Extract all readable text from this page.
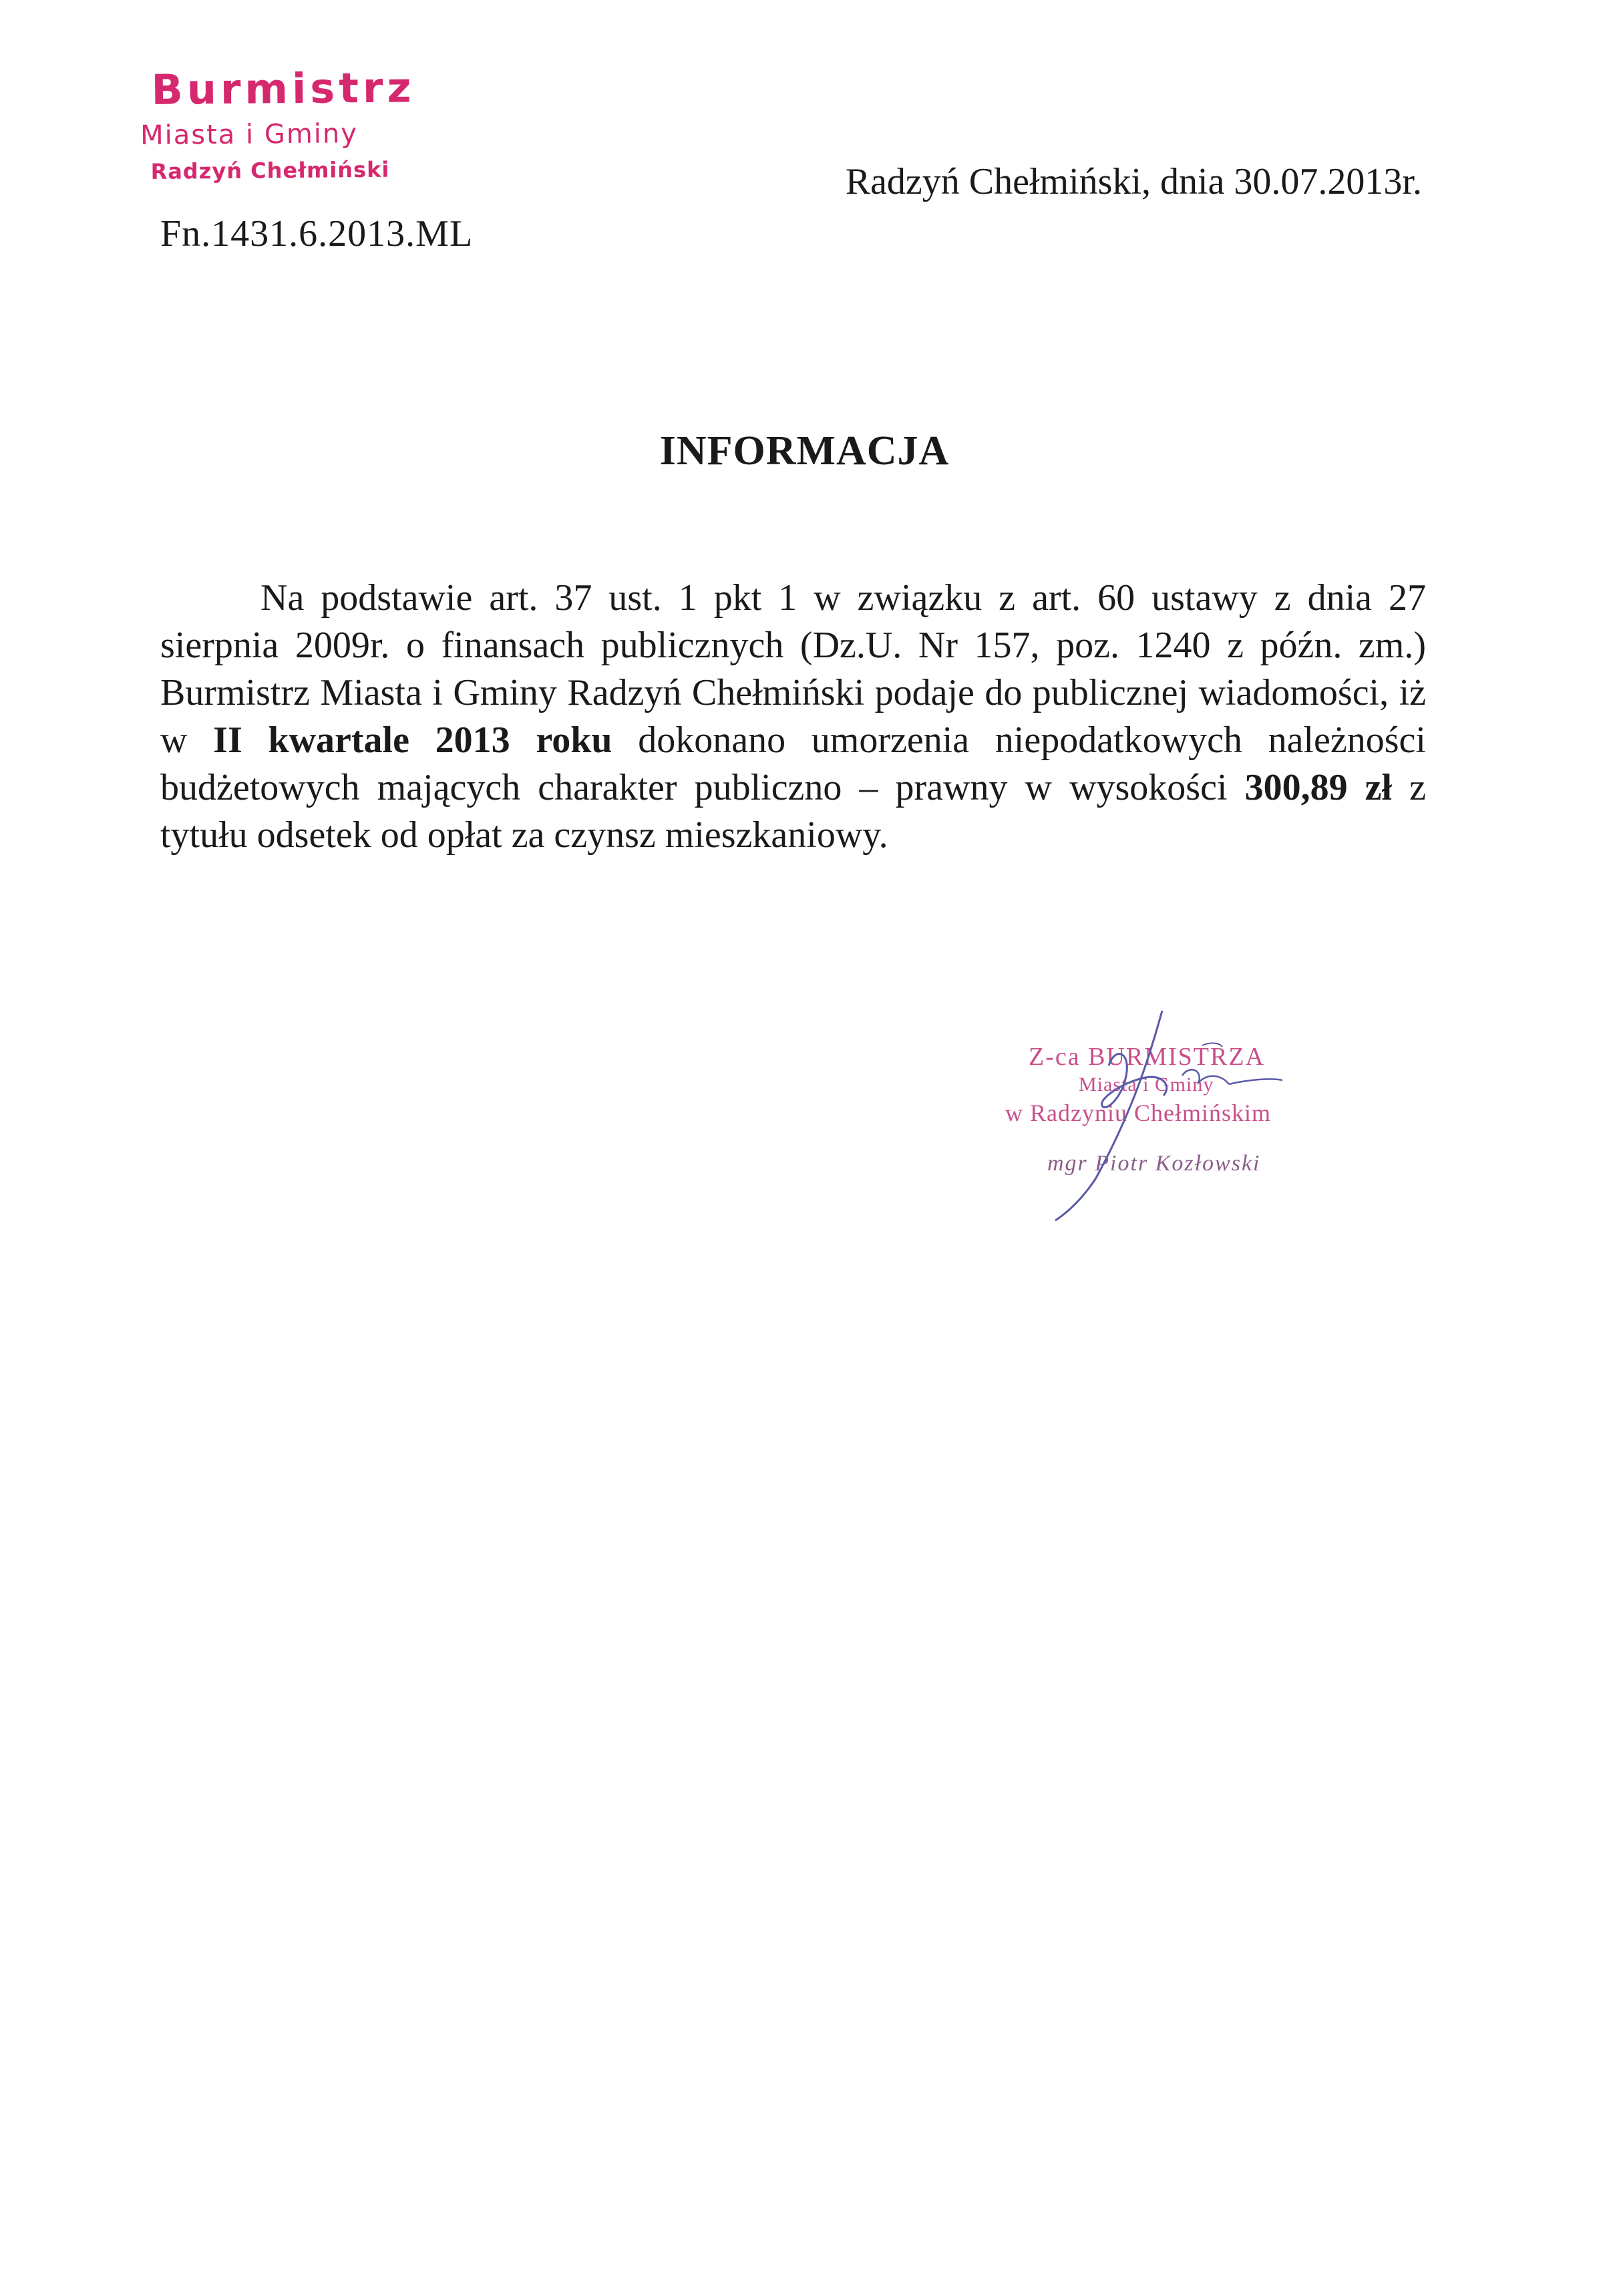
Burmistrz
Miasta i Gminy
Radzyń Chełmiński
Fn.1431.6.2013.ML
Radzyń Chełmiński, dnia 30.07.2013r.
INFORMACJA
Na podstawie art. 37 ust. 1 pkt 1 w związku z art. 60 ustawy z dnia 27 sierpnia 2009r. o finansach publicznych (Dz.U. Nr 157, poz. 1240 z późn. zm.) Burmistrz Miasta i Gminy Radzyń Chełmiński podaje do publicznej wiadomości, iż w II kwartale 2013 roku dokonano umorzenia niepodatkowych należności budżetowych mających charakter publiczno – prawny w wysokości 300,89 zł z tytułu odsetek od opłat za czynsz mieszkaniowy.
Z-ca BURMISTRZA
Miasta i Gminy
w Radzyniu Chełmińskim
mgr Piotr Kozłowski
